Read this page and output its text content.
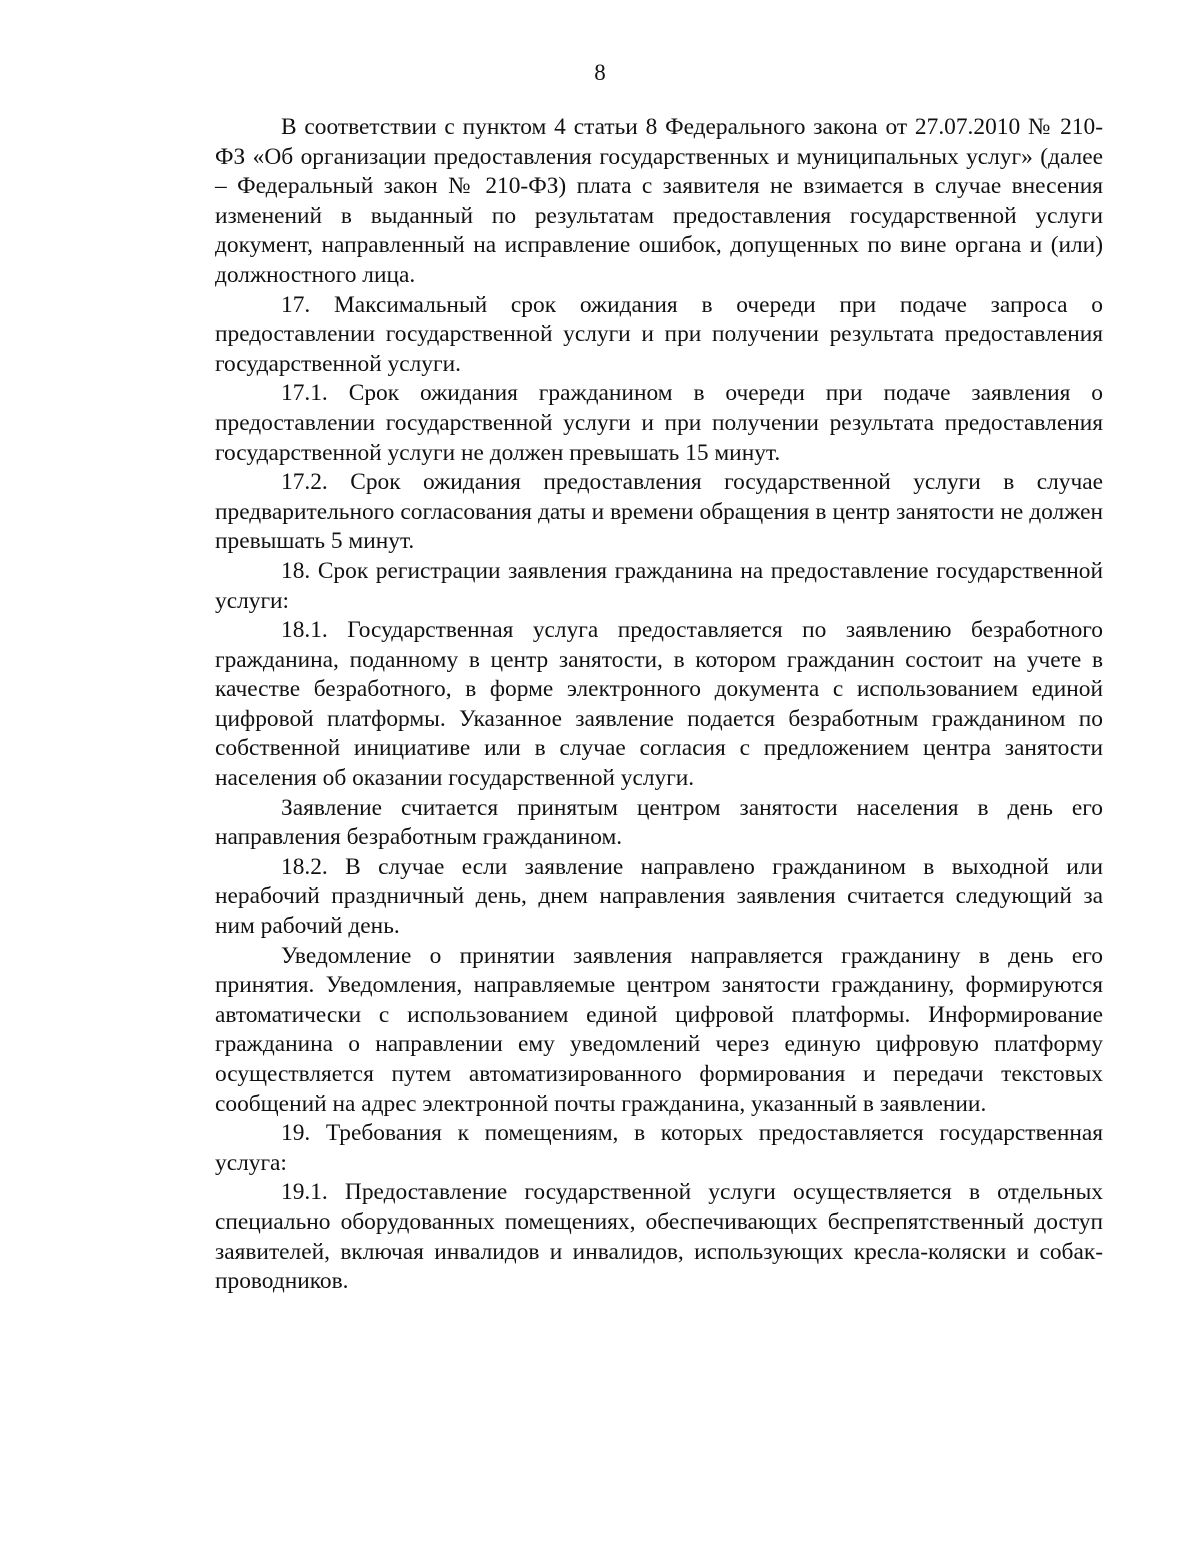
8

В соответствии с пунктом 4 статьи 8 Федерального закона от 27.07.2010 № 210-ФЗ «Об организации предоставления государственных и муниципальных услуг» (далее – Федеральный закон № 210-ФЗ) плата с заявителя не взимается в случае внесения изменений в выданный по результатам предоставления государственной услуги документ, направленный на исправление ошибок, допущенных по вине органа и (или) должностного лица.

17. Максимальный срок ожидания в очереди при подаче запроса о предоставлении государственной услуги и при получении результата предоставления государственной услуги.

17.1. Срок ожидания гражданином в очереди при подаче заявления о предоставлении государственной услуги и при получении результата предоставления государственной услуги не должен превышать 15 минут.

17.2. Срок ожидания предоставления государственной услуги в случае предварительного согласования даты и времени обращения в центр занятости не должен превышать 5 минут.

18. Срок регистрации заявления гражданина на предоставление государственной услуги:

18.1. Государственная услуга предоставляется по заявлению безработного гражданина, поданному в центр занятости, в котором гражданин состоит на учете в качестве безработного, в форме электронного документа с использованием единой цифровой платформы. Указанное заявление подается безработным гражданином по собственной инициативе или в случае согласия с предложением центра занятости населения об оказании государственной услуги.

Заявление считается принятым центром занятости населения в день его направления безработным гражданином.

18.2. В случае если заявление направлено гражданином в выходной или нерабочий праздничный день, днем направления заявления считается следующий за ним рабочий день.

Уведомление о принятии заявления направляется гражданину в день его принятия. Уведомления, направляемые центром занятости гражданину, формируются автоматически с использованием единой цифровой платформы. Информирование гражданина о направлении ему уведомлений через единую цифровую платформу осуществляется путем автоматизированного формирования и передачи текстовых сообщений на адрес электронной почты гражданина, указанный в заявлении.

19. Требования к помещениям, в которых предоставляется государственная услуга:

19.1. Предоставление государственной услуги осуществляется в отдельных специально оборудованных помещениях, обеспечивающих беспрепятственный доступ заявителей, включая инвалидов и инвалидов, использующих кресла-коляски и собак-проводников.
